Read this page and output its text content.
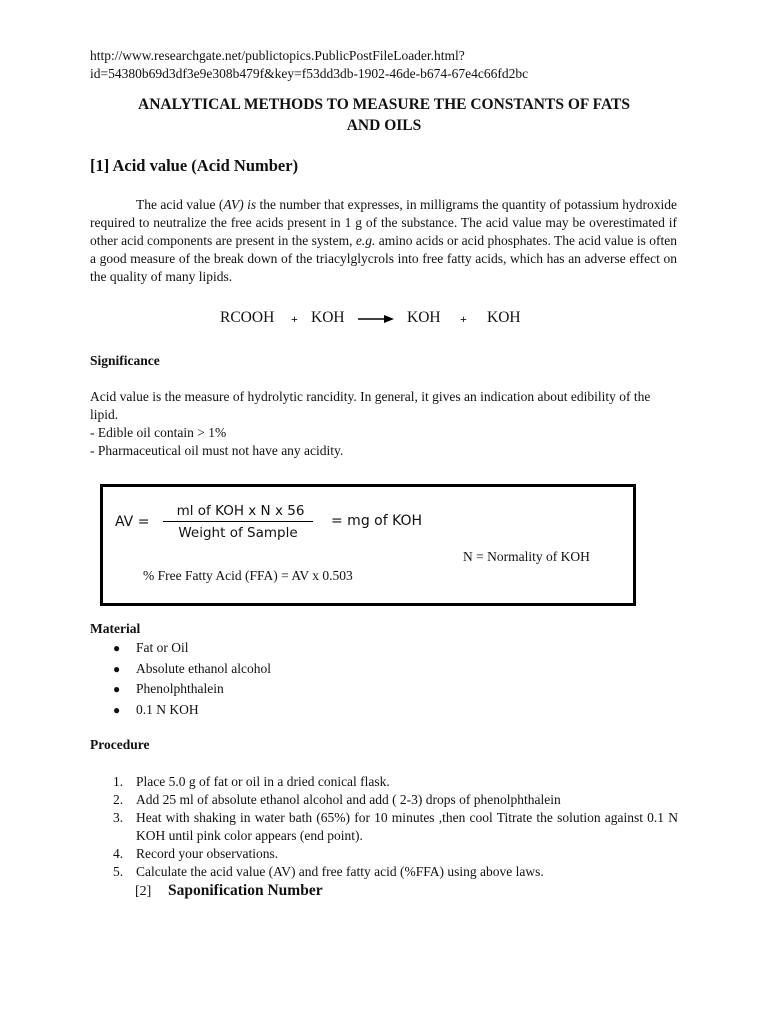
http://www.researchgate.net/publictopics.PublicPostFileLoader.html?
id=54380b69d3df3e9e308b479f&key=f53dd3db-1902-46de-b674-67e4c66fd2bc
ANALYTICAL METHODS TO MEASURE THE CONSTANTS OF FATS
AND OILS
[1] Acid value (Acid Number)
The acid value (AV) is the number that expresses, in milligrams the quantity of potassium hydroxide required to neutralize the free acids present in 1 g of the substance. The acid value may be overestimated if other acid components are present in the system, e.g. amino acids or acid phosphates. The acid value is often a good measure of the break down of the triacylglycrols into free fatty acids, which has an adverse effect on the quality of many lipids.
RCOOH + KOH → KOH + KOH
Significance
Acid value is the measure of hydrolytic rancidity. In general, it gives an indication about edibility of the lipid.
- Edible oil contain > 1%
- Pharmaceutical oil must not have any acidity.
AV =
ml of KOH x N x 56
Weight of Sample
= mg of KOH
N = Normality of KOH
% Free Fatty Acid (FFA) = AV x 0.503
Material
● Fat or Oil
● Absolute ethanol alcohol
● Phenolphthalein
● 0.1 N KOH
Procedure
1. Place 5.0 g of fat or oil in a dried conical flask.
2. Add 25 ml of absolute ethanol alcohol and add ( 2-3) drops of phenolphthalein
3. Heat with shaking in water bath (65%) for 10 minutes ,then cool Titrate the solution against 0.1 N KOH until pink color appears (end point).
4. Record your observations.
5. Calculate the acid value (AV) and free fatty acid (%FFA) using above laws.
[2] Saponification Number
